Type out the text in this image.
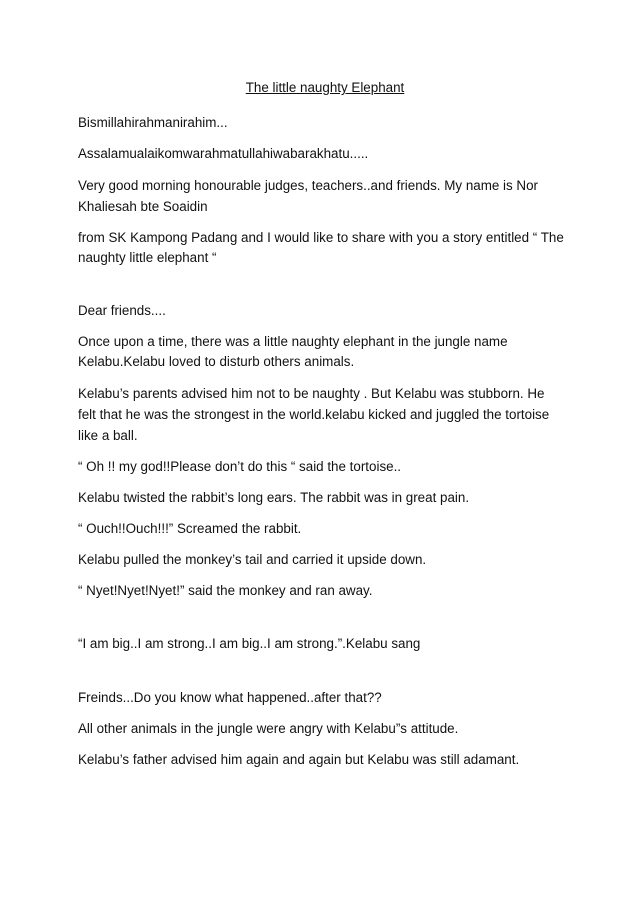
The little naughty Elephant

Bismillahirahmanirahim...

Assalamualaikomwarahmatullahiwabarakhatu.....

Very good morning honourable judges, teachers..and friends. My name is Nor Khaliesah bte Soaidin

from SK Kampong Padang and I would like to share with you a story entitled “ The naughty little elephant “

Dear friends....

Once upon a time, there was a little naughty elephant in the jungle name Kelabu.Kelabu loved to disturb others animals.

Kelabu’s parents advised him not to be naughty . But Kelabu was stubborn. He felt that he was the strongest in the world.kelabu kicked and juggled the tortoise like a ball.

“ Oh !! my god!!Please don’t do this “ said the tortoise..

Kelabu twisted the rabbit’s long ears. The rabbit was in great pain.

“ Ouch!!Ouch!!!” Screamed the rabbit.

Kelabu pulled the monkey’s tail and carried it upside down.

“ Nyet!Nyet!Nyet!” said the monkey and ran away.

“I am big..I am strong..I am big..I am strong.”.Kelabu sang

Freinds...Do you know what happened..after that??

All other animals in the jungle were angry with Kelabu”s attitude.

Kelabu’s father advised him again and again but Kelabu was still adamant.
